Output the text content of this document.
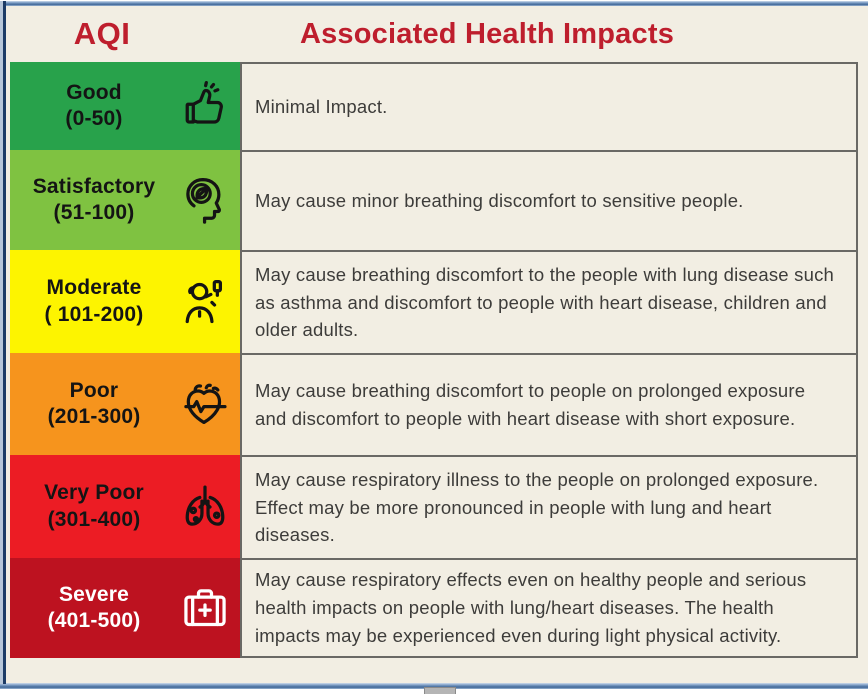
AQI	Associated Health Impacts
Good
(0-50)

Minimal Impact.

Satisfactory
(51-100)

May cause minor breathing discomfort to sensitive people.

Moderate
( 101-200)

May cause breathing discomfort to the people with lung disease such as asthma and discomfort to people with heart disease, children and older adults.

Poor
(201-300)

May cause breathing discomfort to people on prolonged exposure and discomfort to people with heart disease with short exposure.

Very Poor
(301-400)

May cause respiratory illness to the people on prolonged exposure. Effect may be more pronounced in people with lung and heart diseases.

Severe
(401-500)

May cause respiratory effects even on healthy people and serious health impacts on people with lung/heart diseases. The health impacts may be experienced even during light physical activity.
